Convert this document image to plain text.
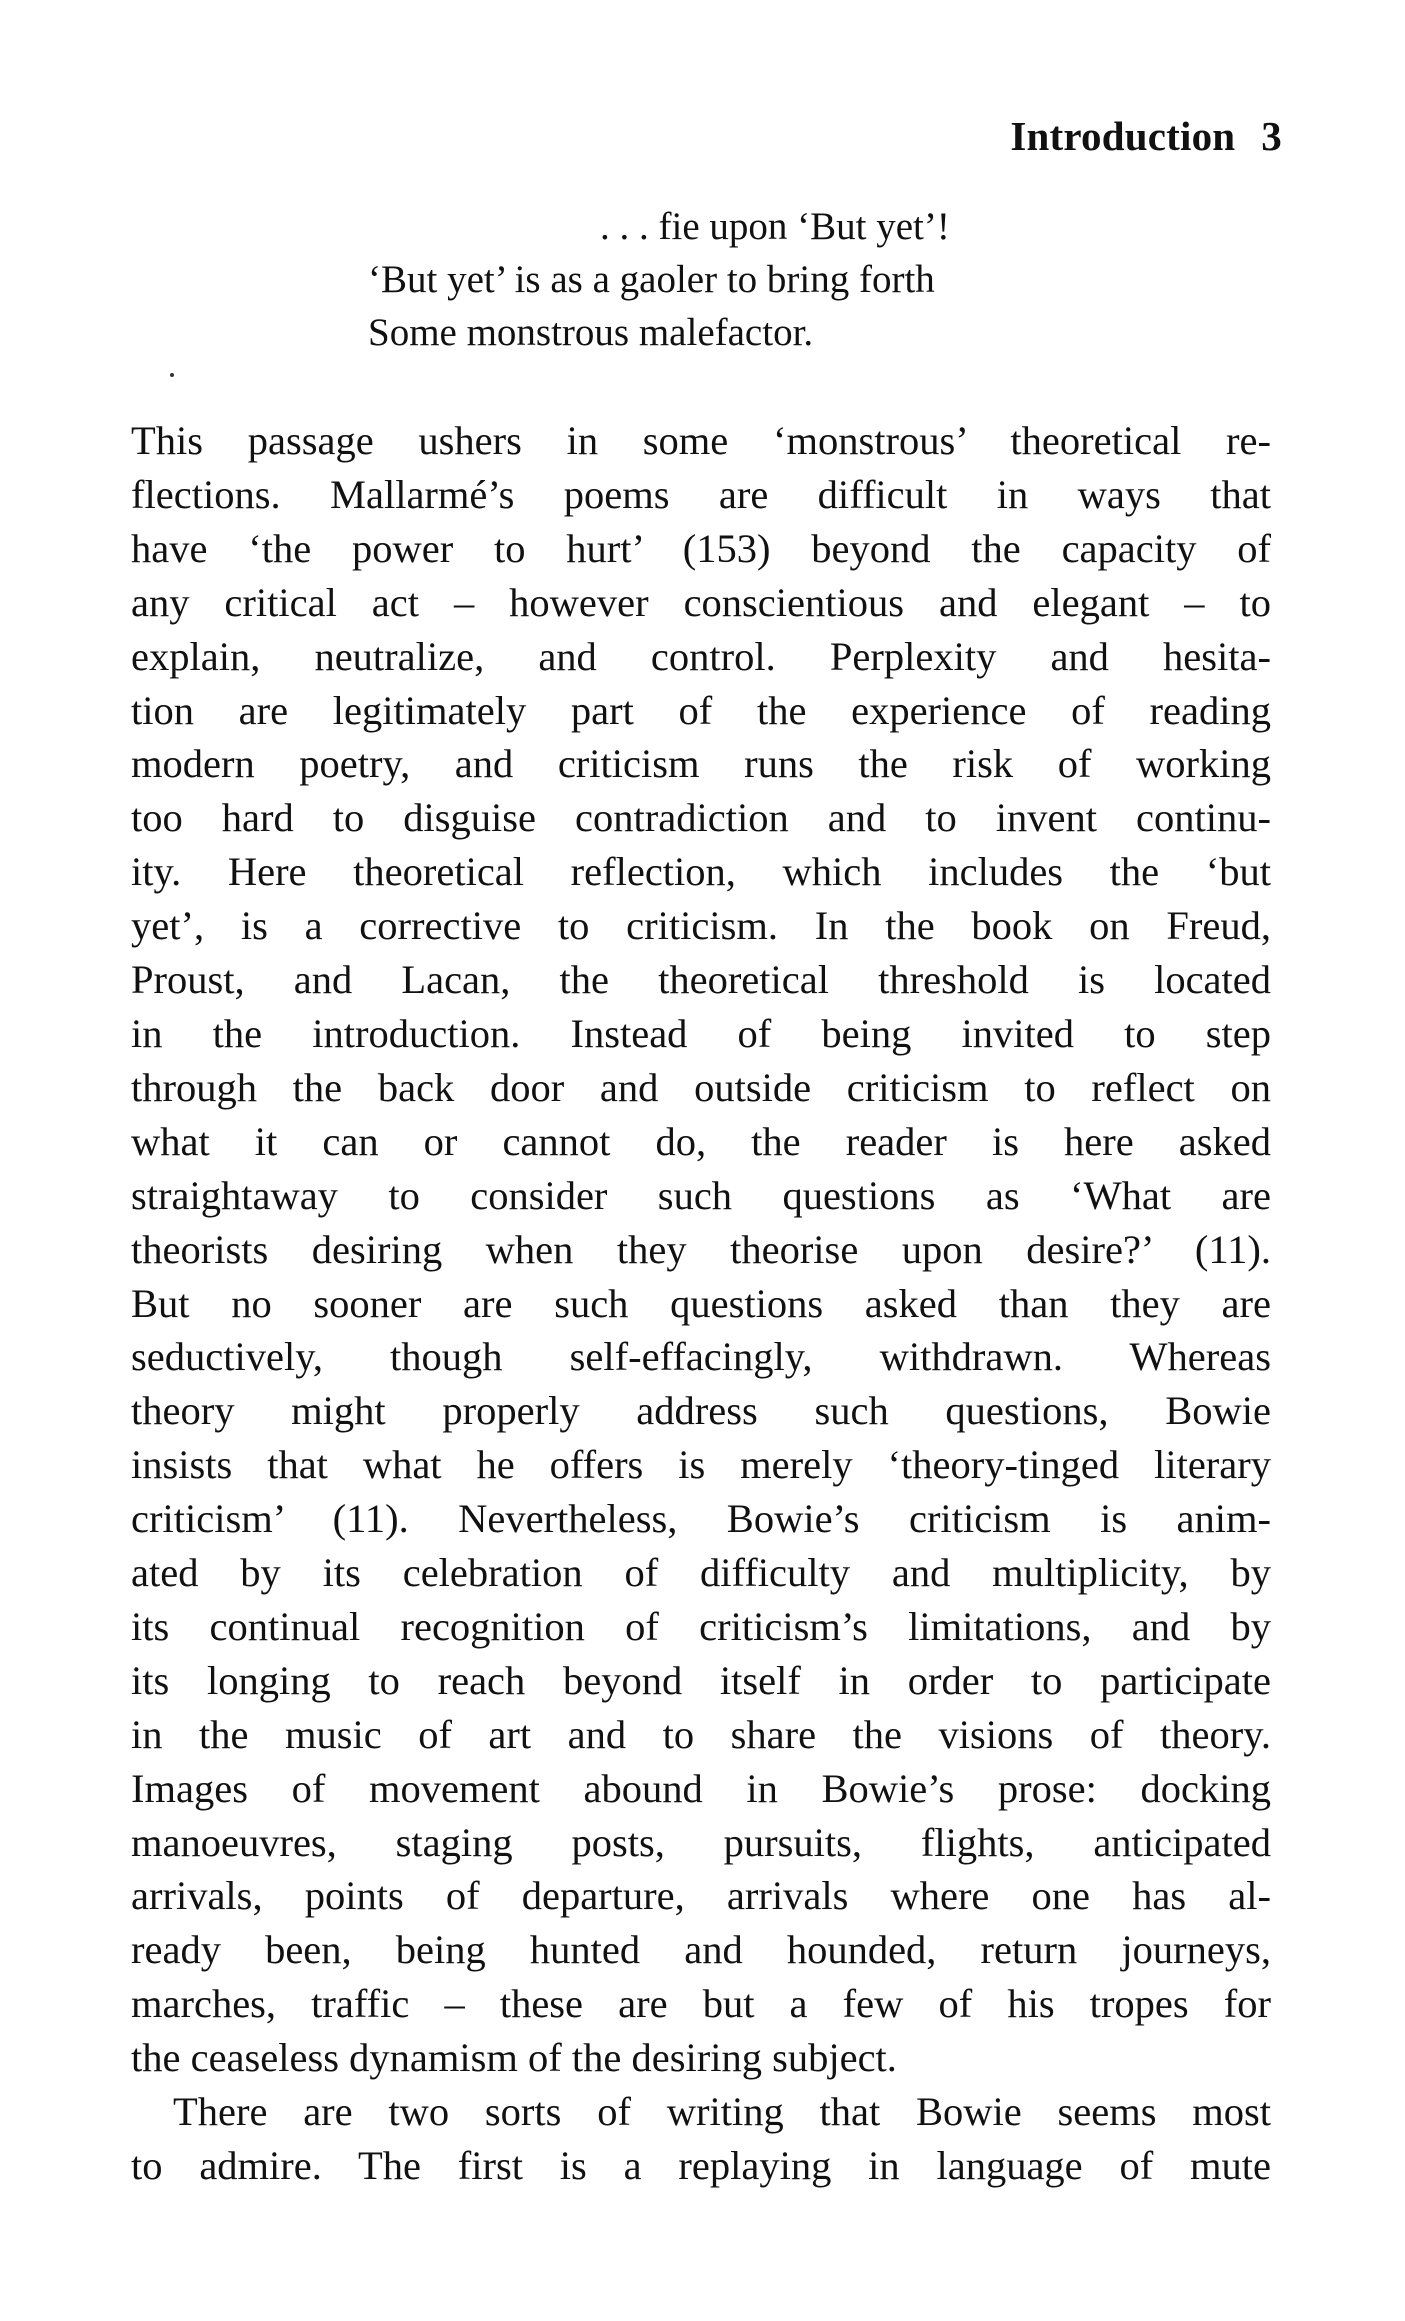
Introduction 3
. . . fie upon ‘But yet’!
‘But yet’ is as a gaoler to bring forth
Some monstrous malefactor.

This passage ushers in some ‘monstrous’ theoretical re-
flections. Mallarmé’s poems are difficult in ways that
have ‘the power to hurt’ (153) beyond the capacity of
any critical act – however conscientious and elegant – to
explain, neutralize, and control. Perplexity and hesita-
tion are legitimately part of the experience of reading
modern poetry, and criticism runs the risk of working
too hard to disguise contradiction and to invent continu-
ity. Here theoretical reflection, which includes the ‘but
yet’, is a corrective to criticism. In the book on Freud,
Proust, and Lacan, the theoretical threshold is located
in the introduction. Instead of being invited to step
through the back door and outside criticism to reflect on
what it can or cannot do, the reader is here asked
straightaway to consider such questions as ‘What are
theorists desiring when they theorise upon desire?’ (11).
But no sooner are such questions asked than they are
seductively, though self-effacingly, withdrawn. Whereas
theory might properly address such questions, Bowie
insists that what he offers is merely ‘theory-tinged literary
criticism’ (11). Nevertheless, Bowie’s criticism is anim-
ated by its celebration of difficulty and multiplicity, by
its continual recognition of criticism’s limitations, and by
its longing to reach beyond itself in order to participate
in the music of art and to share the visions of theory.
Images of movement abound in Bowie’s prose: docking
manoeuvres, staging posts, pursuits, flights, anticipated
arrivals, points of departure, arrivals where one has al-
ready been, being hunted and hounded, return journeys,
marches, traffic – these are but a few of his tropes for
the ceaseless dynamism of the desiring subject.

There are two sorts of writing that Bowie seems most
to admire. The first is a replaying in language of mute
